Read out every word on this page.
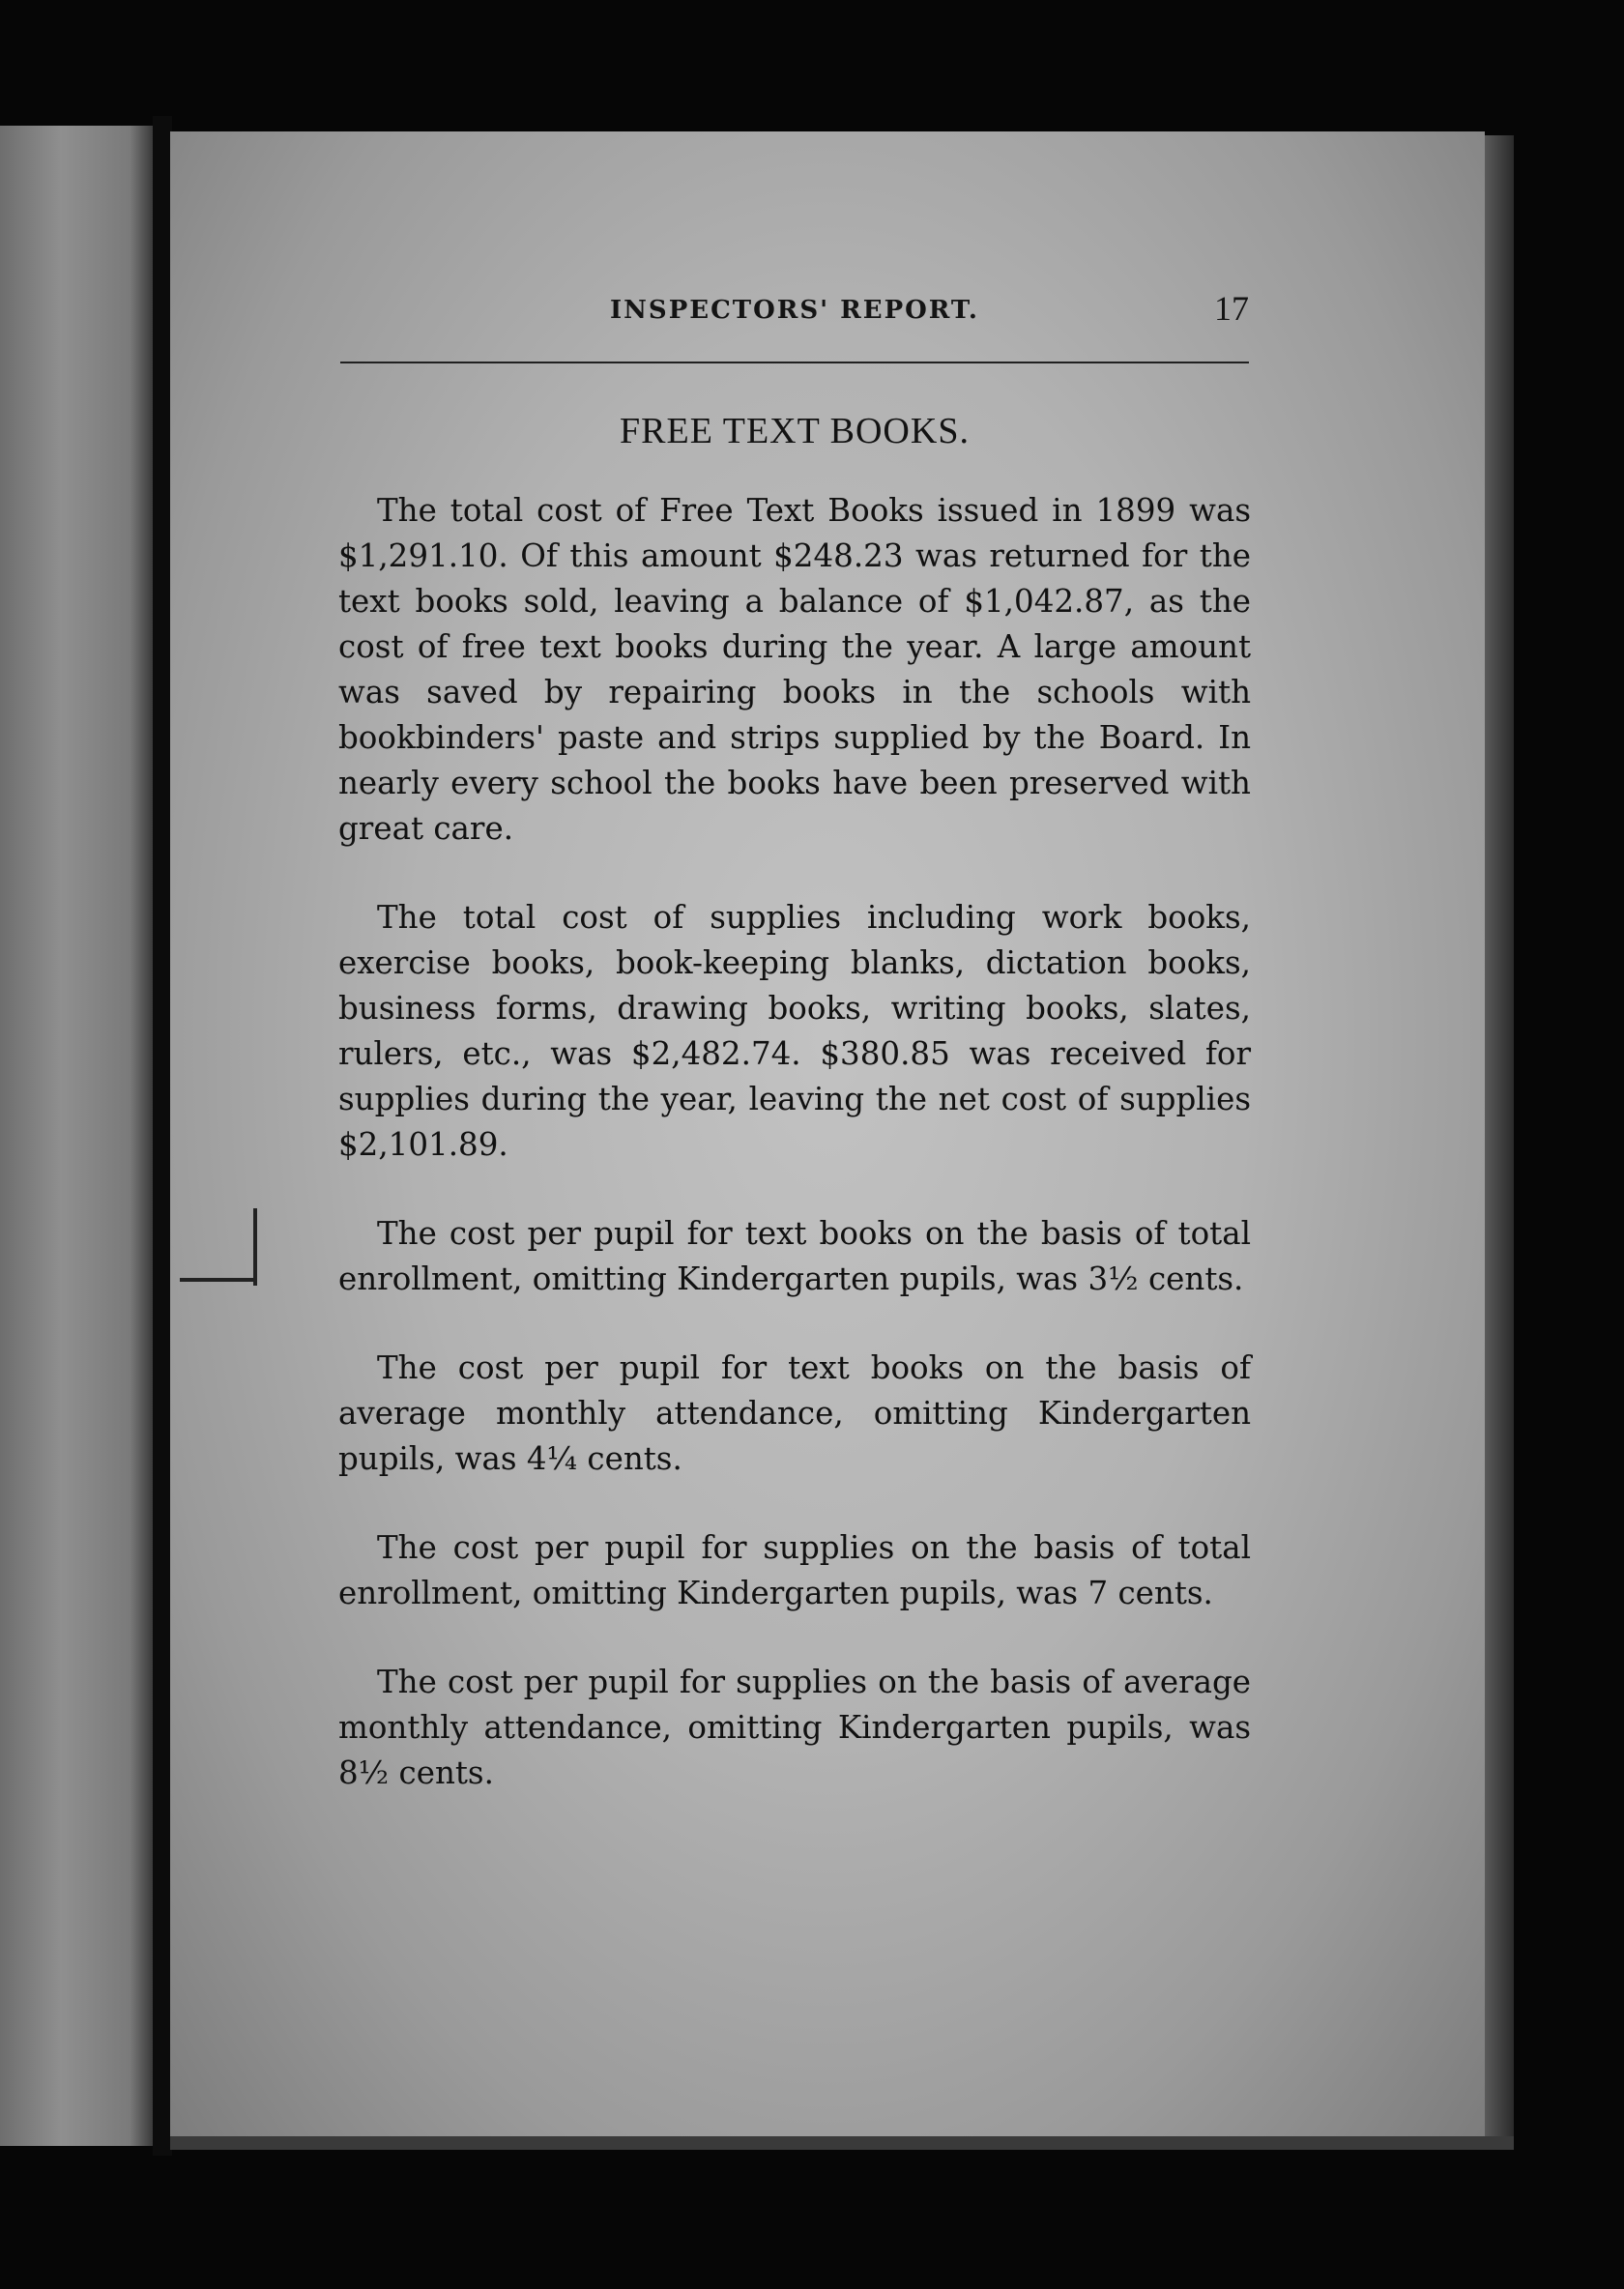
INSPECTORS' REPORT.	17
FREE TEXT BOOKS.

The total cost of Free Text Books issued in 1899 was $1,291.10. Of this amount $248.23 was returned for the text books sold, leaving a balance of $1,042.87, as the cost of free text books during the year. A large amount was saved by repairing books in the schools with bookbinders' paste and strips supplied by the Board. In nearly every school the books have been preserved with great care.

The total cost of supplies including work books, exercise books, book-keeping blanks, dictation books, business forms, drawing books, writing books, slates, rulers, etc., was $2,482.74. $380.85 was received for supplies during the year, leaving the net cost of supplies $2,101.89.

The cost per pupil for text books on the basis of total enrollment, omitting Kindergarten pupils, was 3½ cents.

The cost per pupil for text books on the basis of average monthly attendance, omitting Kindergarten pupils, was 4¼ cents.

The cost per pupil for supplies on the basis of total enrollment, omitting Kindergarten pupils, was 7 cents.

The cost per pupil for supplies on the basis of average monthly attendance, omitting Kindergarten pupils, was 8½ cents.
